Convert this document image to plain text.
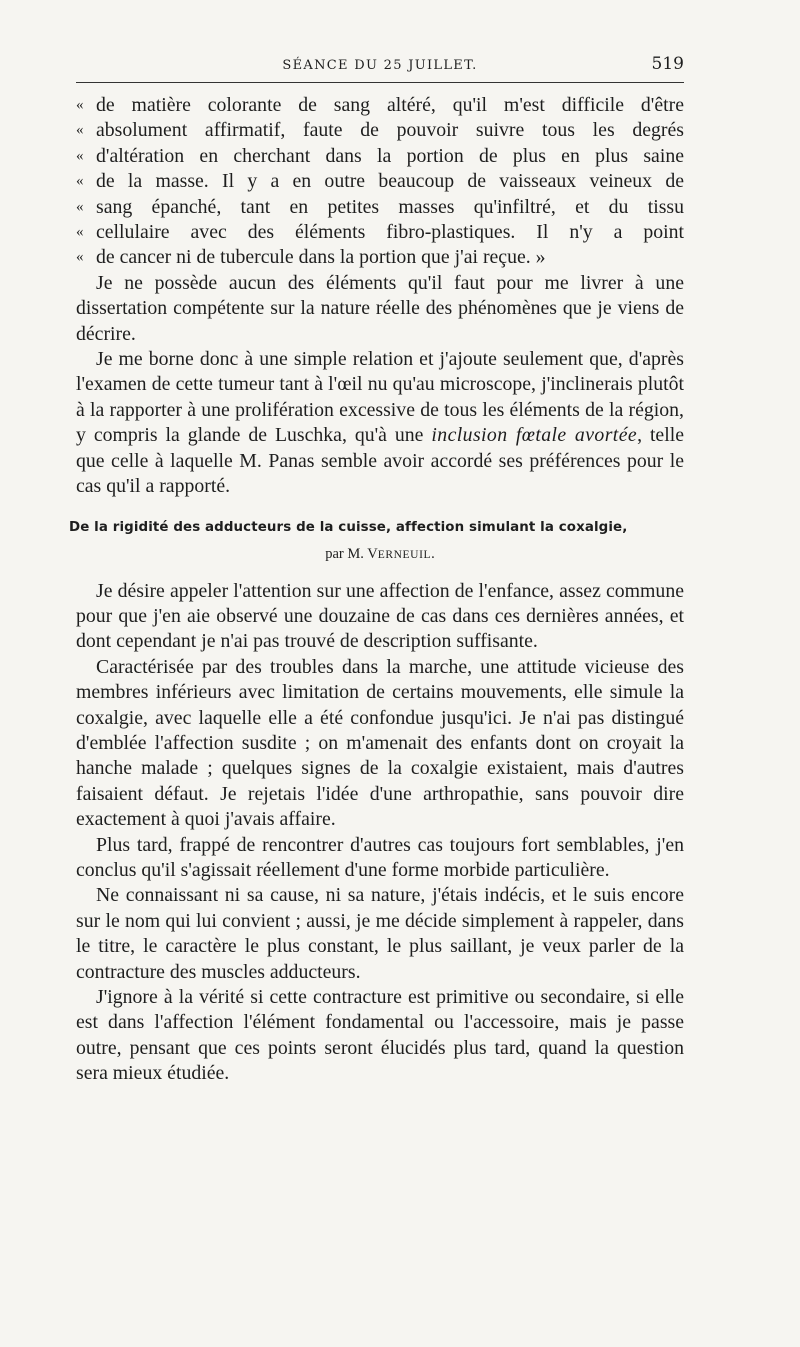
SÉANCE DU 25 JUILLET.	519
« de matière colorante de sang altéré, qu'il m'est difficile d'être
« absolument affirmatif, faute de pouvoir suivre tous les degrés
« d'altération en cherchant dans la portion de plus en plus saine
« de la masse. Il y a en outre beaucoup de vaisseaux veineux de
« sang épanché, tant en petites masses qu'infiltré, et du tissu
« cellulaire avec des éléments fibro-plastiques. Il n'y a point
« de cancer ni de tubercule dans la portion que j'ai reçue. »

Je ne possède aucun des éléments qu'il faut pour me livrer à une dissertation compétente sur la nature réelle des phénomènes que je viens de décrire.

Je me borne donc à une simple relation et j'ajoute seulement que, d'après l'examen de cette tumeur tant à l'œil nu qu'au microscope, j'inclinerais plutôt à la rapporter à une prolifération excessive de tous les éléments de la région, y compris la glande de Luschka, qu'à une inclusion fœtale avortée, telle que celle à laquelle M. Panas semble avoir accordé ses préférences pour le cas qu'il a rapporté.

De la rigidité des adducteurs de la cuisse, affection simulant la coxalgie,
par M. VERNEUIL.

Je désire appeler l'attention sur une affection de l'enfance, assez commune pour que j'en aie observé une douzaine de cas dans ces dernières années, et dont cependant je n'ai pas trouvé de description suffisante.

Caractérisée par des troubles dans la marche, une attitude vicieuse des membres inférieurs avec limitation de certains mouvements, elle simule la coxalgie, avec laquelle elle a été confondue jusqu'ici. Je n'ai pas distingué d'emblée l'affection susdite ; on m'amenait des enfants dont on croyait la hanche malade ; quelques signes de la coxalgie existaient, mais d'autres faisaient défaut. Je rejetais l'idée d'une arthropathie, sans pouvoir dire exactement à quoi j'avais affaire.

Plus tard, frappé de rencontrer d'autres cas toujours fort semblables, j'en conclus qu'il s'agissait réellement d'une forme morbide particulière.

Ne connaissant ni sa cause, ni sa nature, j'étais indécis, et le suis encore sur le nom qui lui convient ; aussi, je me décide simplement à rappeler, dans le titre, le caractère le plus constant, le plus saillant, je veux parler de la contracture des muscles adducteurs.

J'ignore à la vérité si cette contracture est primitive ou secondaire, si elle est dans l'affection l'élément fondamental ou l'accessoire, mais je passe outre, pensant que ces points seront élucidés plus tard, quand la question sera mieux étudiée.
